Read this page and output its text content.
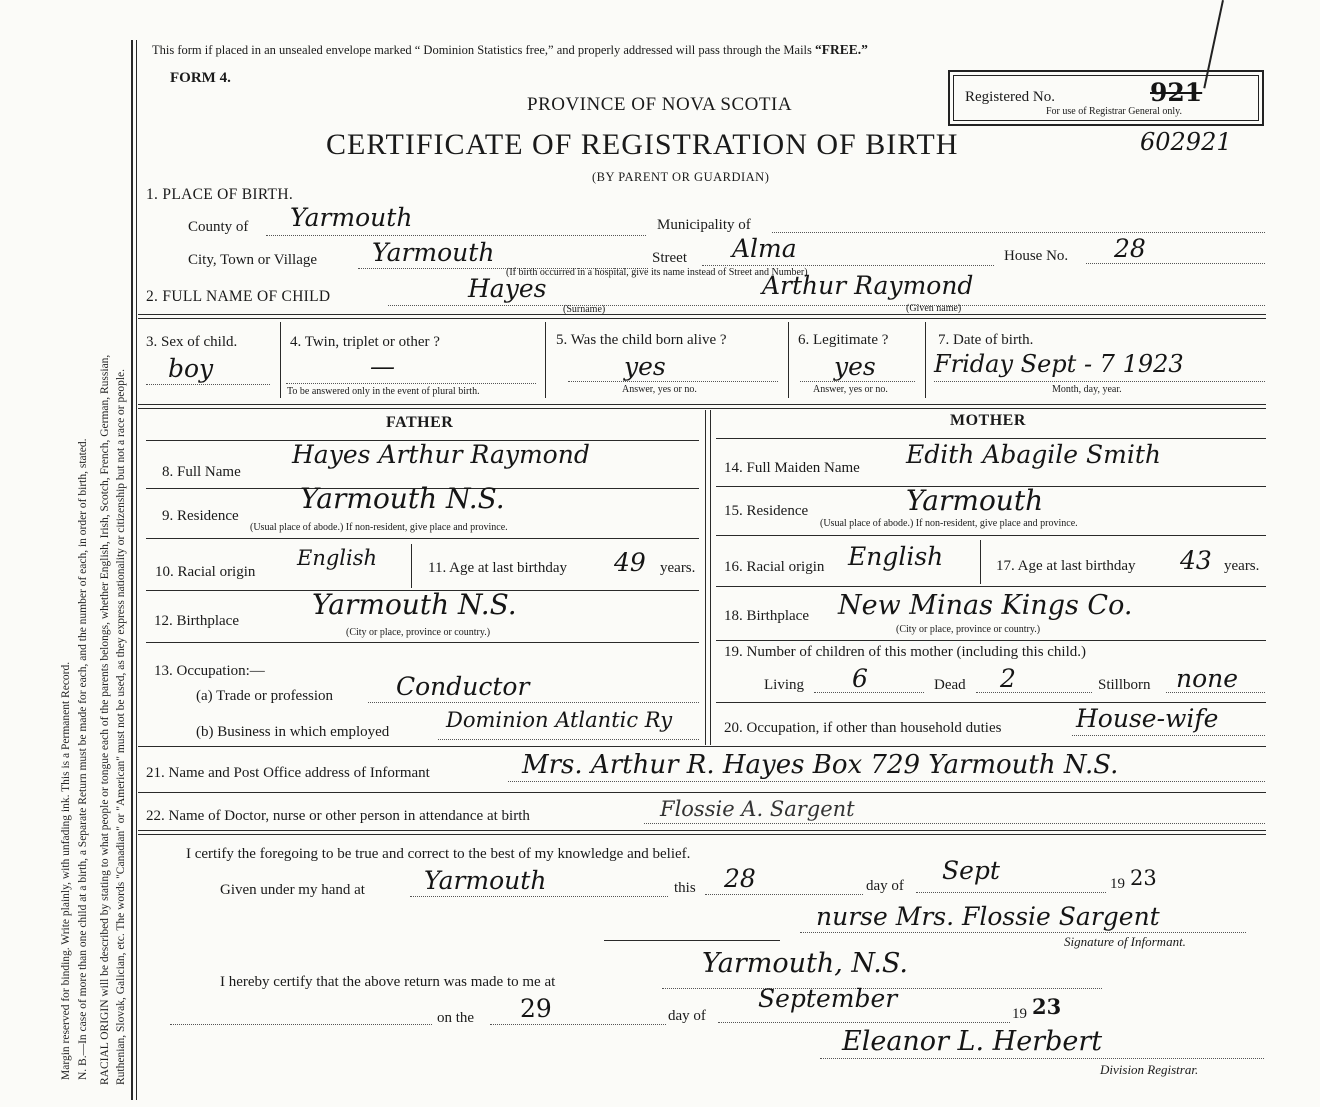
Margin reserved for binding. Write plainly, with unfading ink. This is a Permanent Record. N. B.—In case of more than one child at a birth, a Separate Return must be made for each, and the number of each, in order of birth, stated. RACIAL ORIGIN will be described by stating to what people or tongue each of the parents belongs, whether English, Irish, Scotch, French, German, Russian, Ruthenian, Slovak, Galician, etc. The words "Canadian" or "American" must not be used, as they express nationality or citizenship but not a race or people.
This form if placed in an unsealed envelope marked “ Dominion Statistics free,” and properly addressed will pass through the Mails “FREE.”
FORM 4.
PROVINCE OF NOVA SCOTIA
CERTIFICATE OF REGISTRATION OF BIRTH
(BY PARENT OR GUARDIAN)
Registered No.	921
For use of Registrar General only.
602921
1. PLACE OF BIRTH.
County of Yarmouth	Municipality of
City, Town or Village Yarmouth	Street Alma	House No. 28
(If birth occurred in a hospital, give its name instead of Street and Number)
2. FULL NAME OF CHILD	Hayes	Arthur Raymond
(Surname)	(Given name)
3. Sex of child.
boy
4. Twin, triplet or other ?
—
To be answered only in the event of plural birth.
5. Was the child born alive ?
yes
Answer, yes or no.
6. Legitimate ?
yes
Answer, yes or no.
7. Date of birth.
Friday Sept - 7 1923
Month, day, year.
FATHER	MOTHER
8. Full Name
Hayes Arthur Raymond
9. Residence
Yarmouth N.S.
(Usual place of abode.) If non-resident, give place and province.
10. Racial origin
English	11. Age at last birthday 49 years.
12. Birthplace	Yarmouth N.S.
(City or place, province or country.)
13. Occupation:—
(a) Trade or profession	Conductor
(b) Business in which employed	Dominion Atlantic Ry
14. Full Maiden Name Edith Abagile Smith
15. Residence	Yarmouth
(Usual place of abode.) If non-resident, give place and province.
16. Racial origin English	17. Age at last birthday 43 years.
18. Birthplace New Minas Kings Co.
(City or place, province or country.)
19. Number of children of this mother (including this child.)
Living 6	Dead 2	Stillborn none
20. Occupation, if other than household duties	House-wife
21. Name and Post Office address of Informant	Mrs. Arthur R. Hayes Box 729 Yarmouth N.S.
22. Name of Doctor, nurse or other person in attendance at birth	Flossie A. Sargent
I certify the foregoing to be true and correct to the best of my knowledge and belief.
Given under my hand at Yarmouth	this 28	day of
Sept	19 23
nurse Mrs. Flossie Sargent
Signature of Informant.
I hereby certify that the above return was made to me at
Yarmouth, N.S.
on the 29	day of
September
19 23
Eleanor L. Herbert
Division Registrar.
